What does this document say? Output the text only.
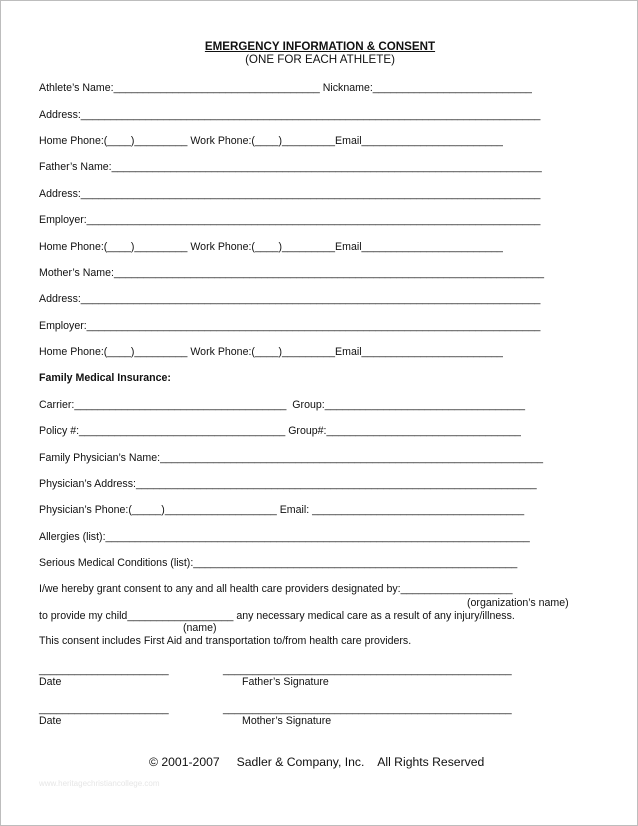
EMERGENCY INFORMATION & CONSENT
(ONE FOR EACH ATHLETE)
Athlete’s Name:___________________________________ Nickname:___________________________
Address:______________________________________________________________________________
Home Phone:(____)_________ Work Phone:(____)_________Email________________________
Father’s Name:_________________________________________________________________________
Address:______________________________________________________________________________
Employer:_____________________________________________________________________________
Home Phone:(____)_________ Work Phone:(____)_________Email________________________
Mother’s Name:_________________________________________________________________________
Address:______________________________________________________________________________
Employer:_____________________________________________________________________________
Home Phone:(____)_________ Work Phone:(____)_________Email________________________
Family Medical Insurance:
Carrier:____________________________________  Group:__________________________________
Policy #:___________________________________ Group#:_________________________________
Family Physician’s Name:_________________________________________________________________
Physician’s Address:____________________________________________________________________
Physician’s Phone:(_____)___________________ Email: ____________________________________
Allergies (list):________________________________________________________________________
Serious Medical Conditions (list):_______________________________________________________
I/we hereby grant consent to any and all health care providers designated by:___________________
(organization’s name)
to provide my child__________________ any necessary medical care as a result of any injury/illness.
(name)
This consent includes First Aid and transportation to/from health care providers.
______________________	_________________________________________________
Date	Father’s Signature
______________________	_________________________________________________
Date	Mother’s Signature
© 2001-2007     Sadler & Company, Inc.    All Rights Reserved
www.heritagechristiancollege.com
